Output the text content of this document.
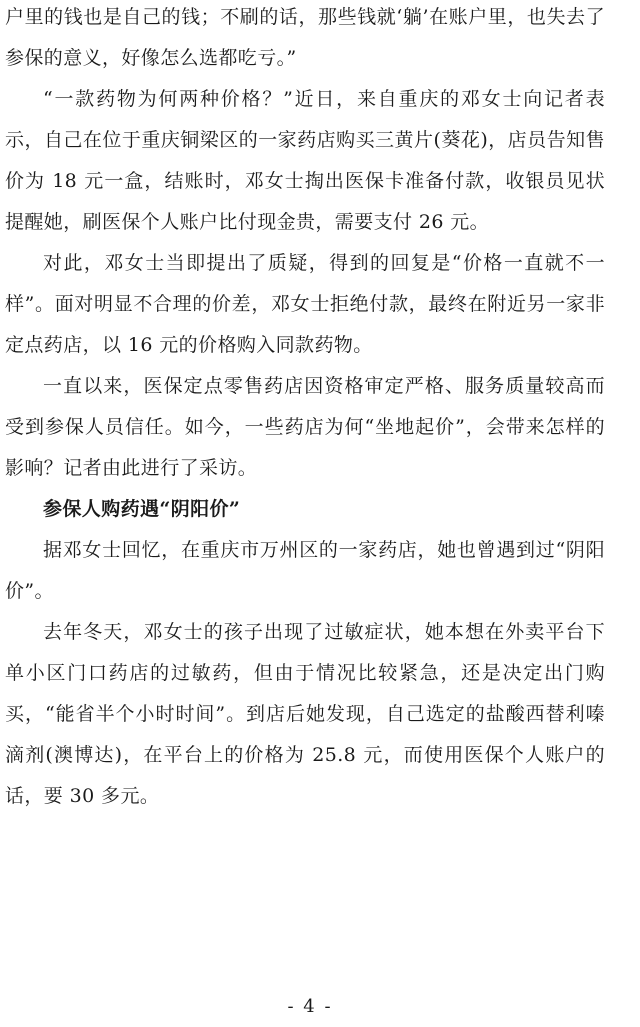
户里的钱也是自己的钱；不刷的话，那些钱就‘躺’在账户里，也失去了参保的意义，好像怎么选都吃亏。”

“一款药物为何两种价格？”近日，来自重庆的邓女士向记者表示，自己在位于重庆铜梁区的一家药店购买三黄片(葵花)，店员告知售价为 18 元一盒，结账时，邓女士掏出医保卡准备付款，收银员见状提醒她，刷医保个人账户比付现金贵，需要支付 26 元。

对此，邓女士当即提出了质疑，得到的回复是“价格一直就不一样”。面对明显不合理的价差，邓女士拒绝付款，最终在附近另一家非定点药店，以 16 元的价格购入同款药物。

一直以来，医保定点零售药店因资格审定严格、服务质量较高而受到参保人员信任。如今，一些药店为何“坐地起价”，会带来怎样的影响？记者由此进行了采访。

参保人购药遇“阴阳价”

据邓女士回忆，在重庆市万州区的一家药店，她也曾遇到过“阴阳价”。

去年冬天，邓女士的孩子出现了过敏症状，她本想在外卖平台下单小区门口药店的过敏药，但由于情况比较紧急，还是决定出门购买，“能省半个小时时间”。到店后她发现，自己选定的盐酸西替利嗪滴剂(澳博达)，在平台上的价格为 25.8 元，而使用医保个人账户的话，要 30 多元。

- 4 -
